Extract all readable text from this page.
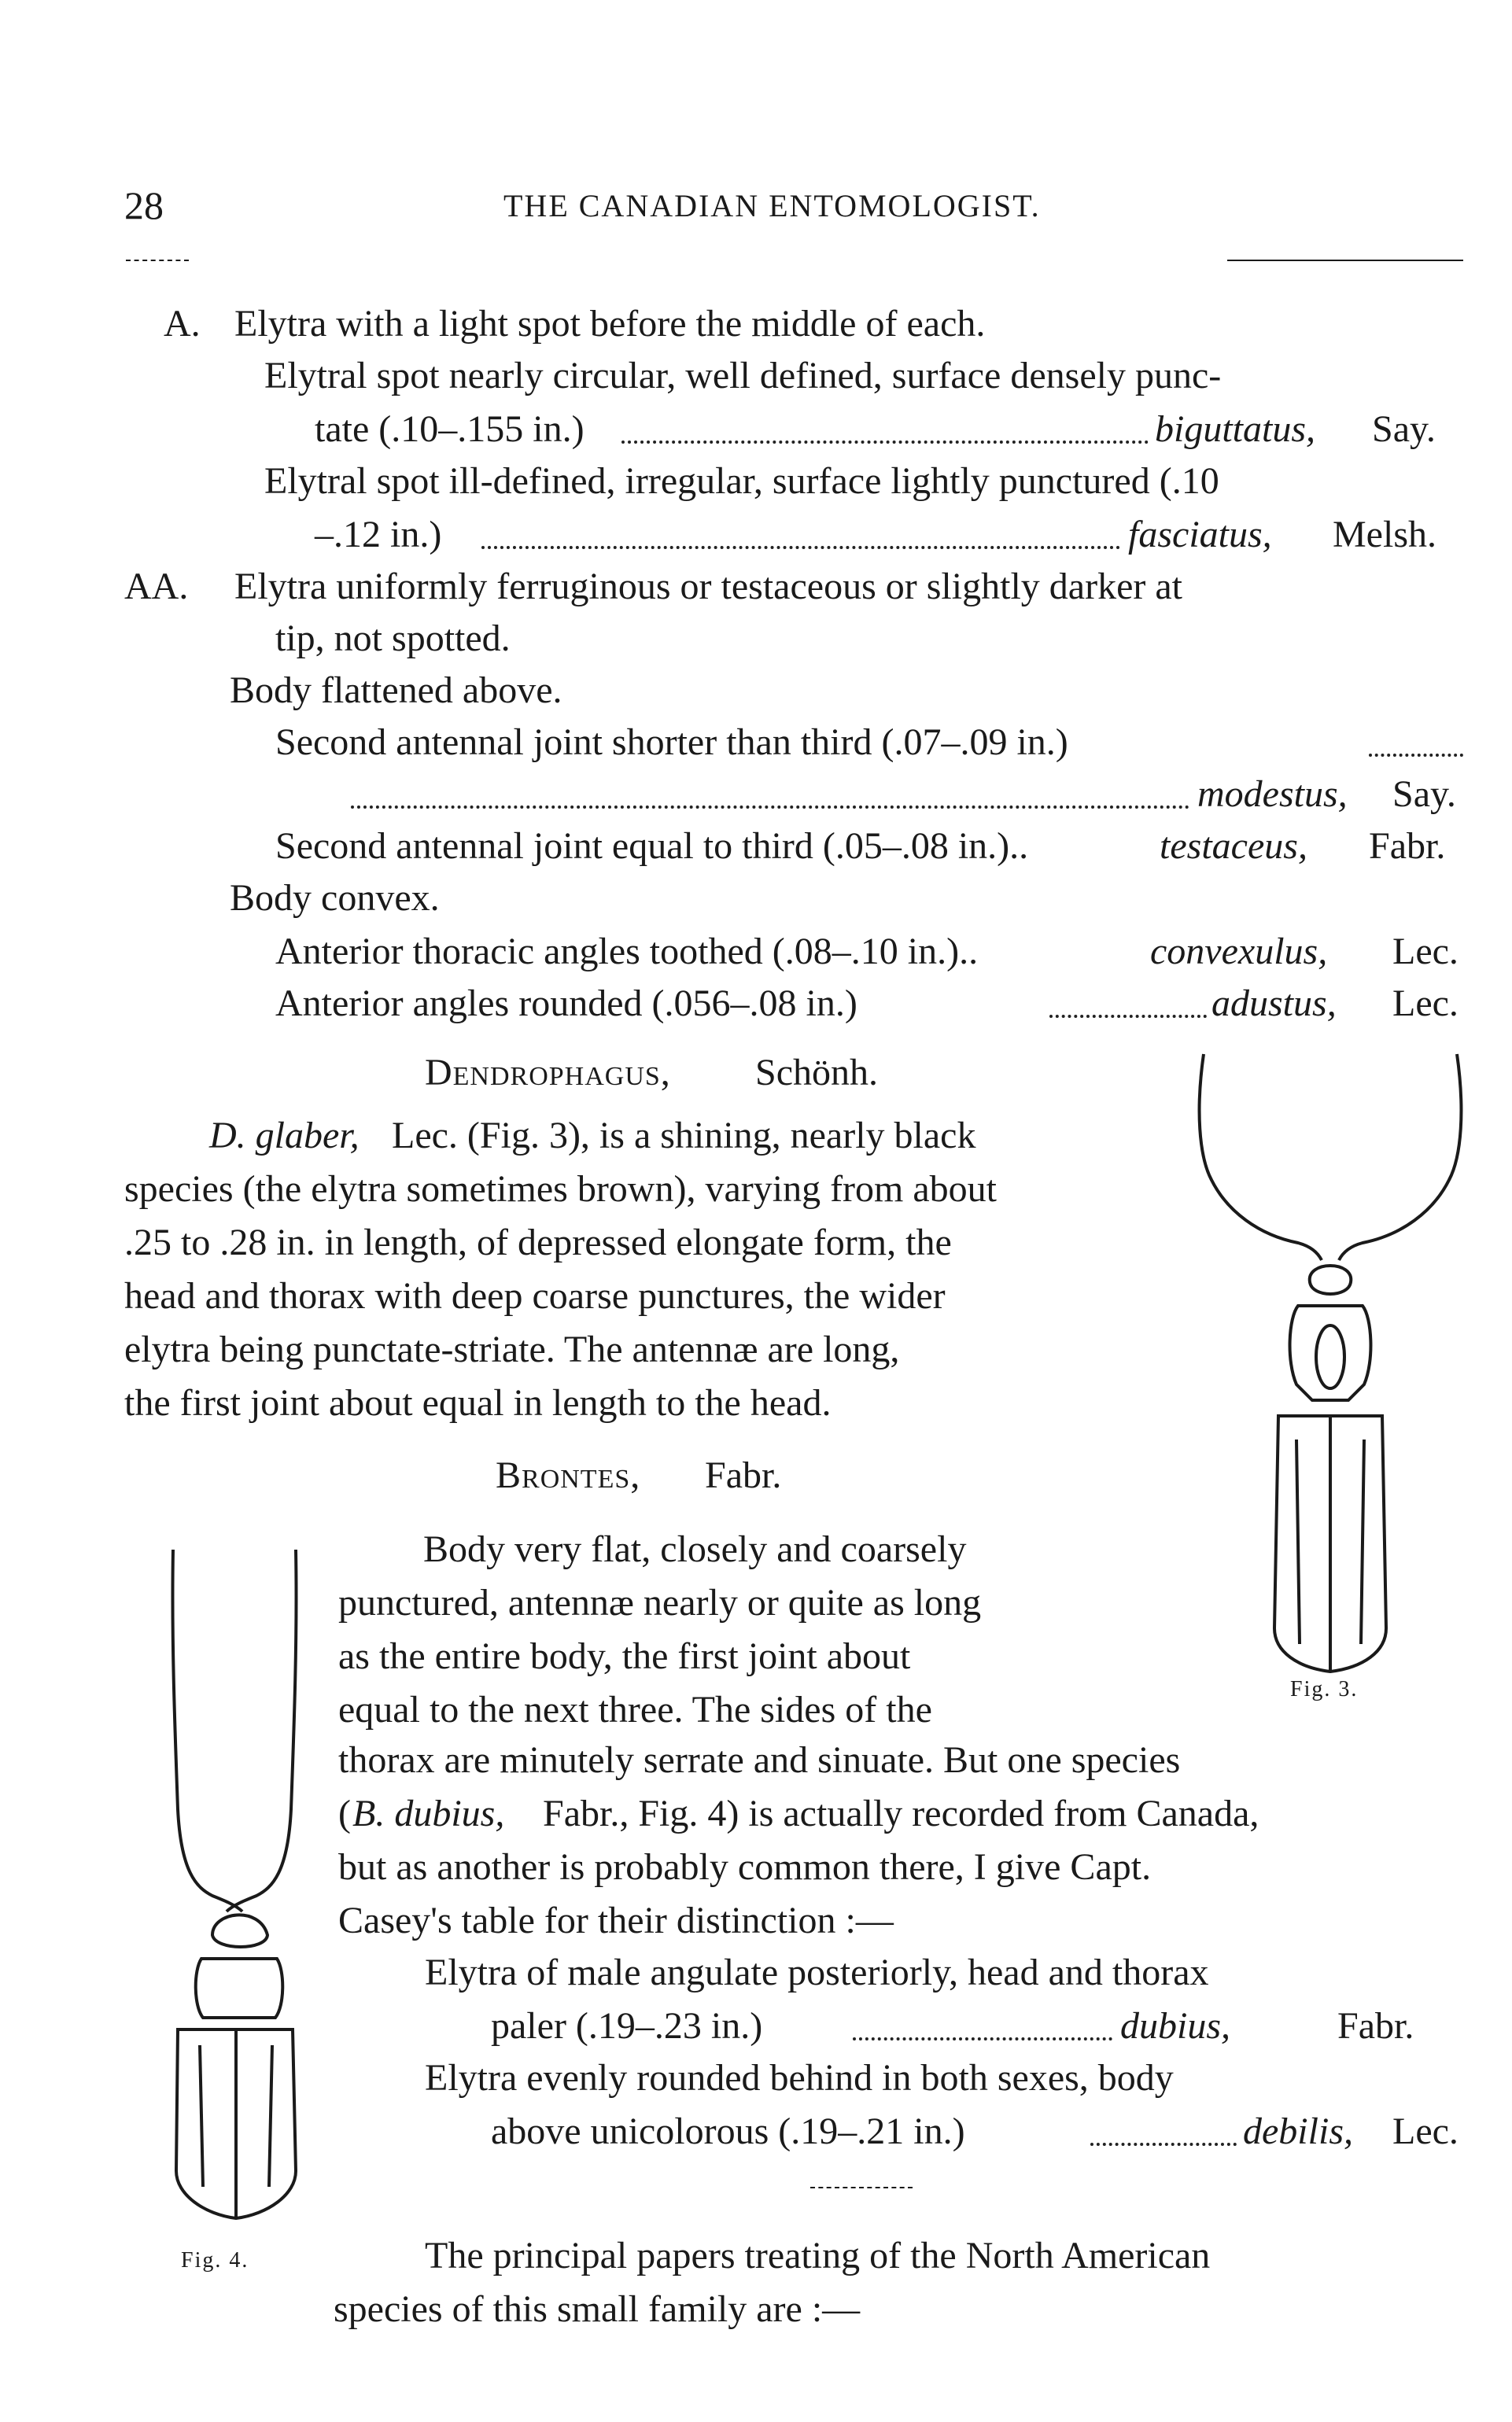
28	THE CANADIAN ENTOMOLOGIST.
A. Elytra with a light spot before the middle of each.
Elytral spot nearly circular, well defined, surface densely punc-
tate (.10–.155 in.)	biguttatus, Say.
Elytral spot ill-defined, irregular, surface lightly punctured (.10
–.12 in.)	fasciatus, Melsh.
AA. Elytra uniformly ferruginous or testaceous or slightly darker at
tip, not spotted.
Body flattened above.
Second antennal joint shorter than third (.07–.09 in.)
modestus, Say.
Second antennal joint equal to third (.05–.08 in.)..	testaceus, Fabr.
Body convex.
Anterior thoracic angles toothed (.08–.10 in.)..	convexulus, Lec.
Anterior angles rounded (.056–.08 in.)	adustus, Lec.
Dendrophagus, Schönh.
D. glaber, Lec. (Fig. 3), is a shining, nearly black
species (the elytra sometimes brown), varying from about
.25 to .28 in. in length, of depressed elongate form, the
head and thorax with deep coarse punctures, the wider
elytra being punctate-striate. The antennæ are long,
the first joint about equal in length to the head.
Brontes, Fabr.
Body very flat, closely and coarsely
punctured, antennæ nearly or quite as long
as the entire body, the first joint about
equal to the next three. The sides of the
thorax are minutely serrate and sinuate. But one species
( B. dubius, Fabr., Fig. 4) is actually recorded from Canada,
but as another is probably common there, I give Capt.
Casey's table for their distinction :—
Elytra of male angulate posteriorly, head and thorax
paler (.19–.23 in.)	dubius,	Fabr.
Elytra evenly rounded behind in both sexes, body
above unicolorous (.19–.21 in.)	debilis, Lec.
The principal papers treating of the North American
species of this small family are :—
Fig. 3.
Fig. 4.
